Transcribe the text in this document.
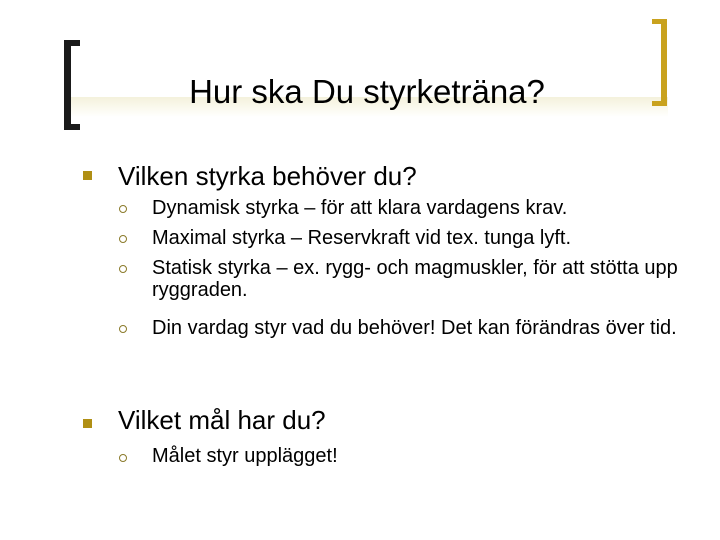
Hur ska Du styrketräna?
Vilken styrka behöver du?
Dynamisk styrka – för att klara vardagens krav.
Maximal styrka – Reservkraft vid tex. tunga lyft.
Statisk styrka – ex. rygg- och magmuskler, för att stötta upp ryggraden.
Din vardag styr vad du behöver! Det kan förändras över tid.
Vilket mål har du?
Målet styr upplägget!
